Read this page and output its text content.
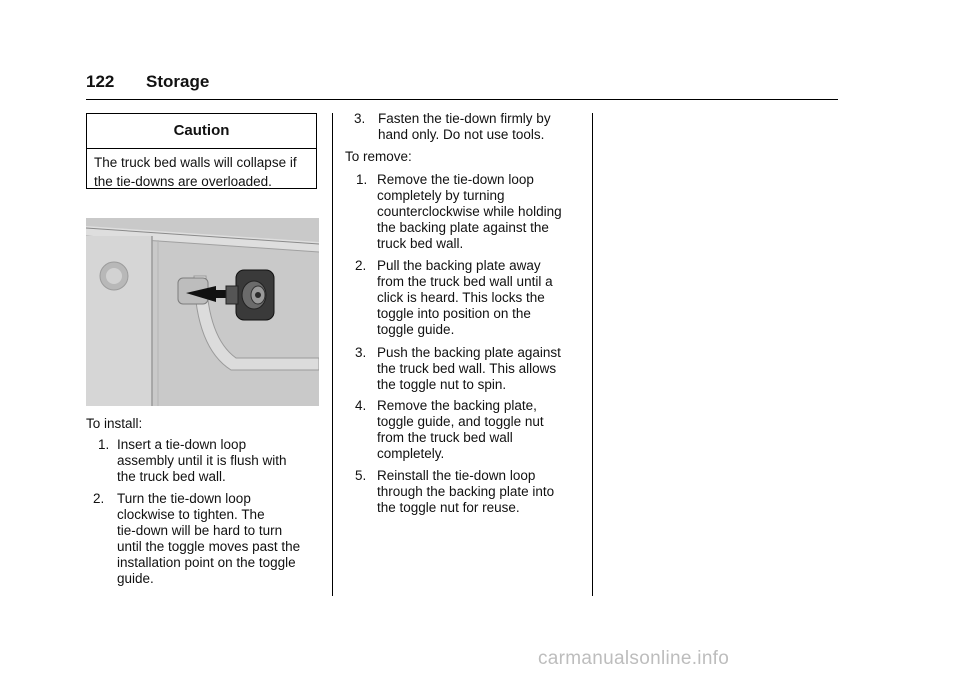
122 Storage
Caution
The truck bed walls will collapse if
the tie-downs are overloaded.
To install:
1. Insert a tie-down loop
assembly until it is flush with
the truck bed wall.
2. Turn the tie-down loop
clockwise to tighten. The
tie-down will be hard to turn
until the toggle moves past the
installation point on the toggle
guide.
3. Fasten the tie-down firmly by
hand only. Do not use tools.
To remove:
1. Remove the tie-down loop
completely by turning
counterclockwise while holding
the backing plate against the
truck bed wall.
2. Pull the backing plate away
from the truck bed wall until a
click is heard. This locks the
toggle into position on the
toggle guide.
3. Push the backing plate against
the truck bed wall. This allows
the toggle nut to spin.
4. Remove the backing plate,
toggle guide, and toggle nut
from the truck bed wall
completely.
5. Reinstall the tie-down loop
through the backing plate into
the toggle nut for reuse.
carmanualsonline.info
